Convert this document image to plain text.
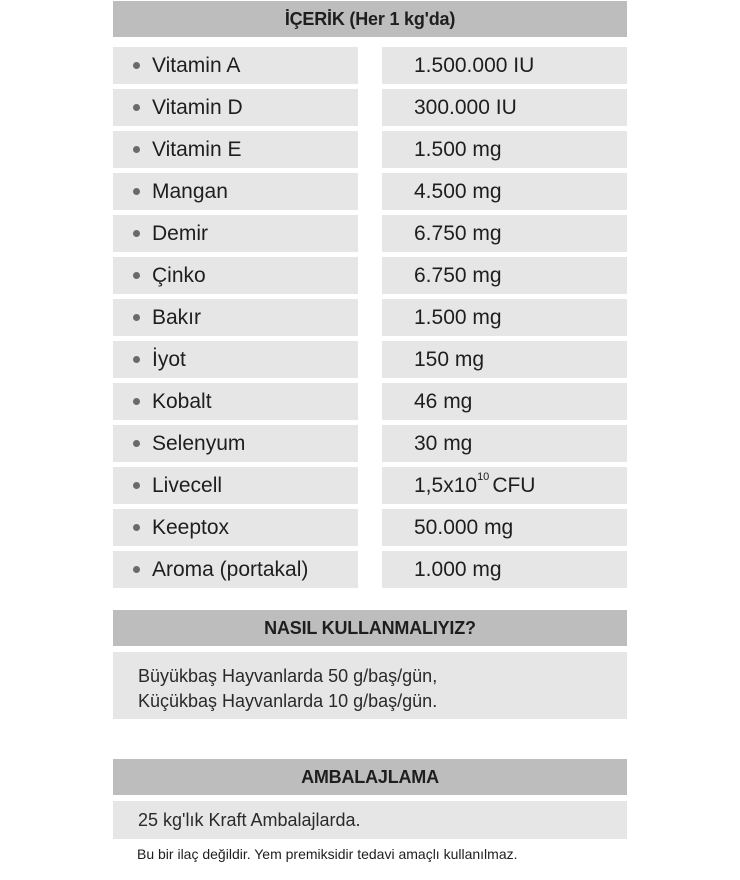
İÇERİK (Her 1 kg'da)
Vitamin A	1.500.000 IU
Vitamin D	300.000 IU
Vitamin E	1.500 mg
Mangan	4.500 mg
Demir	6.750 mg
Çinko	6.750 mg
Bakır	1.500 mg
İyot	150 mg
Kobalt	46 mg
Selenyum	30 mg
Livecell	1,5x10 10 CFU
Keeptox	50.000 mg
Aroma (portakal)	1.000 mg
NASIL KULLANMALIYIZ?
Büyükbaş Hayvanlarda 50 g/baş/gün,
Küçükbaş Hayvanlarda 10 g/baş/gün.
AMBALAJLAMA
25 kg'lık Kraft Ambalajlarda.
Bu bir ilaç değildir. Yem premiksidir tedavi amaçlı kullanılmaz.
